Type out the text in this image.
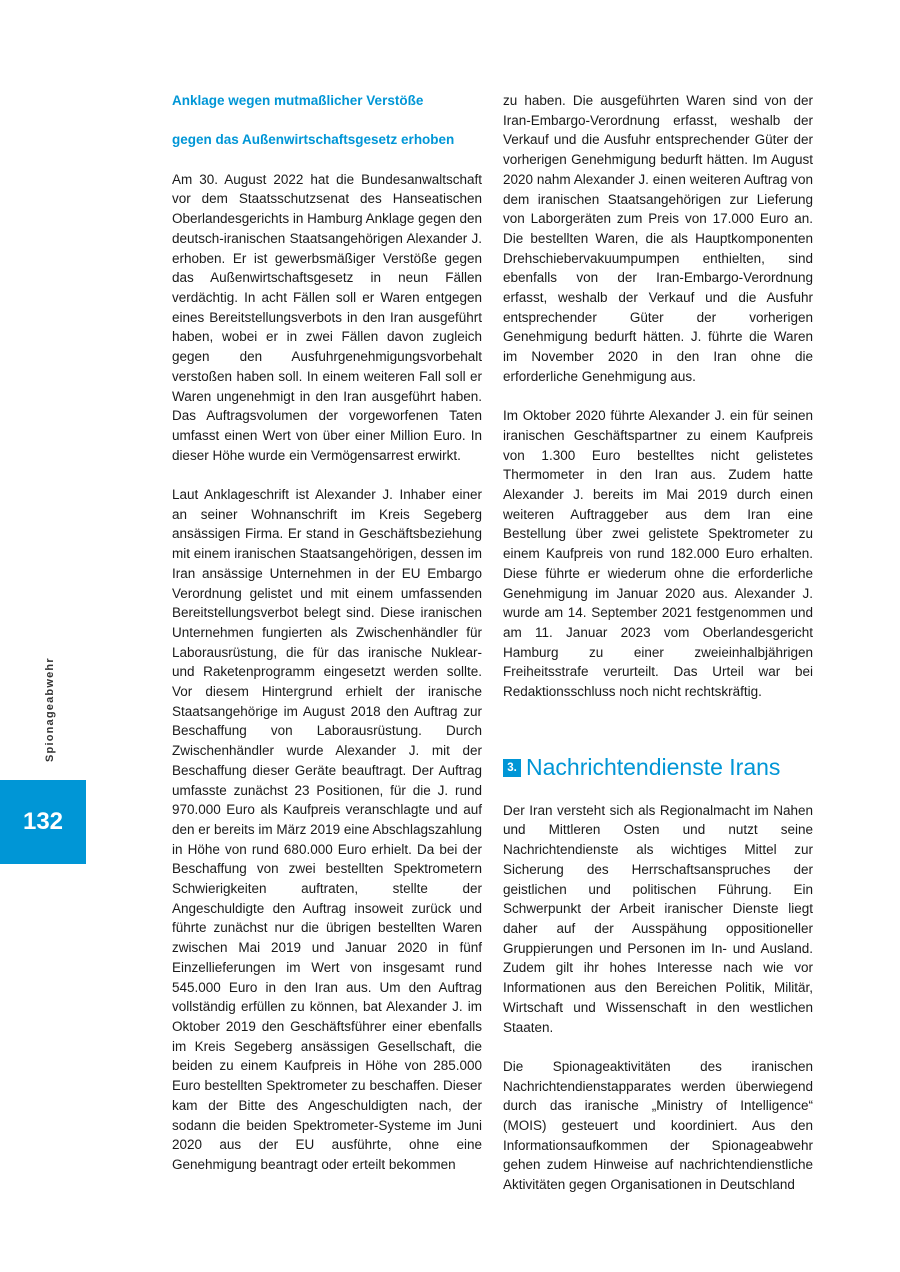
Spionageabwehr
132

Anklage wegen mutmaßlicher Verstöße

gegen das Außenwirtschaftsgesetz erhoben

Am 30. August 2022 hat die Bundesanwaltschaft vor dem Staatsschutzsenat des Hanseatischen Oberlandesgerichts in Hamburg Anklage gegen den deutsch-iranischen Staatsangehörigen Alexander J. erhoben. Er ist gewerbsmäßiger Verstöße gegen das Außenwirtschaftsgesetz in neun Fällen verdächtig. In acht Fällen soll er Waren entgegen eines Bereitstellungsverbots in den Iran ausgeführt haben, wobei er in zwei Fällen davon zugleich gegen den Ausfuhrgenehmigungsvorbehalt verstoßen haben soll. In einem weiteren Fall soll er Waren ungenehmigt in den Iran ausgeführt haben. Das Auftragsvolumen der vorgeworfenen Taten umfasst einen Wert von über einer Million Euro. In dieser Höhe wurde ein Vermögensarrest erwirkt.

Laut Anklageschrift ist Alexander J. Inhaber einer an seiner Wohnanschrift im Kreis Segeberg ansässigen Firma. Er stand in Geschäftsbeziehung mit einem iranischen Staatsangehörigen, dessen im Iran ansässige Unternehmen in der EU Embargo Verordnung gelistet und mit einem umfassenden Bereitstellungsverbot belegt sind. Diese iranischen Unternehmen fungierten als Zwischenhändler für Laborausrüstung, die für das iranische Nuklear- und Raketenprogramm eingesetzt werden sollte. Vor diesem Hintergrund erhielt der iranische Staatsangehörige im August 2018 den Auftrag zur Beschaffung von Laborausrüstung. Durch Zwischenhändler wurde Alexander J. mit der Beschaffung dieser Geräte beauftragt. Der Auftrag umfasste zunächst 23 Positionen, für die J. rund 970.000 Euro als Kaufpreis veranschlagte und auf den er bereits im März 2019 eine Abschlagszahlung in Höhe von rund 680.000 Euro erhielt. Da bei der Beschaffung von zwei bestellten Spektrometern Schwierigkeiten auftraten, stellte der Angeschuldigte den Auftrag insoweit zurück und führte zunächst nur die übrigen bestellten Waren zwischen Mai 2019 und Januar 2020 in fünf Einzellieferungen im Wert von insgesamt rund 545.000 Euro in den Iran aus. Um den Auftrag vollständig erfüllen zu können, bat Alexander J. im Oktober 2019 den Geschäftsführer einer ebenfalls im Kreis Segeberg ansässigen Gesellschaft, die beiden zu einem Kaufpreis in Höhe von 285.000 Euro bestellten Spektrometer zu beschaffen. Dieser kam der Bitte des Angeschuldigten nach, der sodann die beiden Spektrometer-Systeme im Juni 2020 aus der EU ausführte, ohne eine Genehmigung beantragt oder erteilt bekommen

zu haben. Die ausgeführten Waren sind von der Iran-Embargo-Verordnung erfasst, weshalb der Verkauf und die Ausfuhr entsprechender Güter der vorherigen Genehmigung bedurft hätten. Im August 2020 nahm Alexander J. einen weiteren Auftrag von dem iranischen Staatsangehörigen zur Lieferung von Laborgeräten zum Preis von 17.000 Euro an. Die bestellten Waren, die als Hauptkomponenten Drehschiebervakuumpumpen enthielten, sind ebenfalls von der Iran-Embargo-Verordnung erfasst, weshalb der Verkauf und die Ausfuhr entsprechender Güter der vorherigen Genehmigung bedurft hätten. J. führte die Waren im November 2020 in den Iran ohne die erforderliche Genehmigung aus.

Im Oktober 2020 führte Alexander J. ein für seinen iranischen Geschäftspartner zu einem Kaufpreis von 1.300 Euro bestelltes nicht gelistetes Thermometer in den Iran aus. Zudem hatte Alexander J. bereits im Mai 2019 durch einen weiteren Auftraggeber aus dem Iran eine Bestellung über zwei gelistete Spektrometer zu einem Kaufpreis von rund 182.000 Euro erhalten. Diese führte er wiederum ohne die erforderliche Genehmigung im Januar 2020 aus. Alexander J. wurde am 14. September 2021 festgenommen und am 11. Januar 2023 vom Oberlandesgericht Hamburg zu einer zweieinhalbjährigen Freiheitsstrafe verurteilt. Das Urteil war bei Redaktionsschluss noch nicht rechtskräftig.

3. Nachrichtendienste Irans

Der Iran versteht sich als Regionalmacht im Nahen und Mittleren Osten und nutzt seine Nachrichtendienste als wichtiges Mittel zur Sicherung des Herrschaftsanspruches der geistlichen und politischen Führung. Ein Schwerpunkt der Arbeit iranischer Dienste liegt daher auf der Ausspähung oppositioneller Gruppierungen und Personen im In- und Ausland. Zudem gilt ihr hohes Interesse nach wie vor Informationen aus den Bereichen Politik, Militär, Wirtschaft und Wissenschaft in den westlichen Staaten.

Die Spionageaktivitäten des iranischen Nachrichtendienstapparates werden überwiegend durch das iranische „Ministry of Intelligence“ (MOIS) gesteuert und koordiniert. Aus den Informationsaufkommen der Spionageabwehr gehen zudem Hinweise auf nachrichtendienstliche Aktivitäten gegen Organisationen in Deutschland
